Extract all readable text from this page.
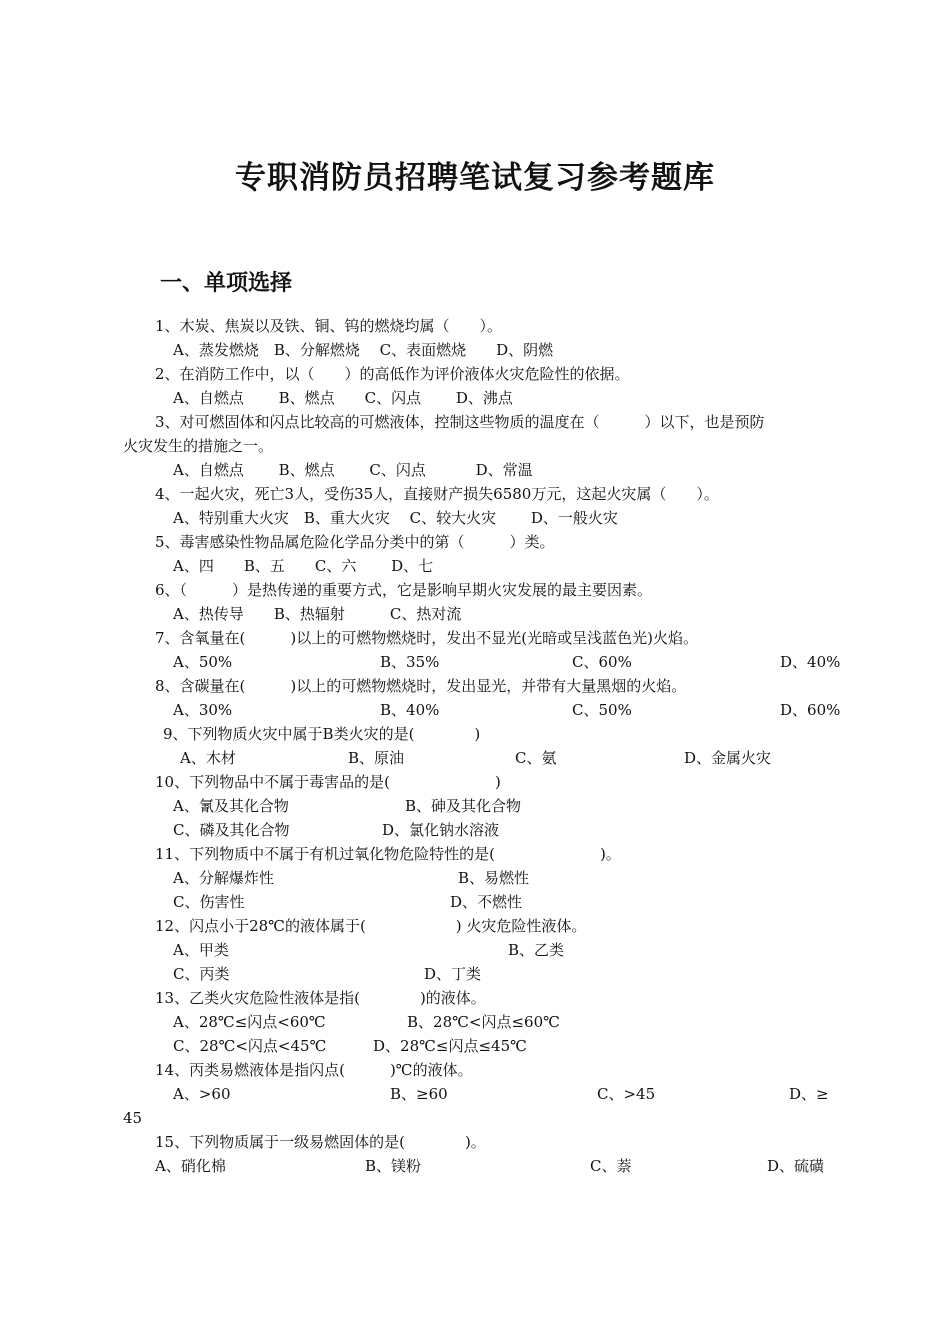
专职消防员招聘笔试复习参考题库
一、单项选择
1、木炭、焦炭以及铁、铜、钨的燃烧均属（　　）。
A、蒸发燃烧　B、分解燃烧　 C、表面燃烧　　D、阴燃
2、在消防工作中，以（　　）的高低作为评价液体火灾危险性的依据。
A、自燃点　　 B、燃点　　C、闪点　　 D、沸点
3、对可燃固体和闪点比较高的可燃液体，控制这些物质的温度在（　　　）以下，也是预防
火灾发生的措施之一。
A、自燃点　　 B、燃点　　 C、闪点　　　 D、常温
4、一起火灾，死亡3人，受伤35人，直接财产损失6580万元，这起火灾属（　　）。
A、特别重大火灾　B、重大火灾　 C、较大火灾　　 D、一般火灾
5、毒害感染性物品属危险化学品分类中的第（　　　）类。
A、四　　B、五　　C、六　　 D、七
6、（　　　）是热传递的重要方式，它是影响早期火灾发展的最主要因素。
A、热传导　　B、热辐射　　　C、热对流
7、含氧量在(　　　)以上的可燃物燃烧时，发出不显光(光暗或呈浅蓝色光)火焰。
A、50%	B、35%	C、60%	D、40%
8、含碳量在(　　　)以上的可燃物燃烧时，发出显光，并带有大量黑烟的火焰。
A、30%	B、40%	C、50%	D、60%
9、下列物质火灾中属于B类火灾的是(　　　　)
A、木材	B、原油	C、氨	D、金属火灾
10、下列物品中不属于毒害品的是(　　　　　　　)
A、氰及其化合物	B、砷及其化合物
C、磷及其化合物	D、氯化钠水溶液
11、下列物质中不属于有机过氧化物危险特性的是(　　　　　　　)。
A、分解爆炸性	B、易燃性
C、伤害性	D、不燃性
12、闪点小于28℃的液体属于(　　　　　　) 火灾危险性液体。
A、甲类	B、乙类
C、丙类	D、丁类
13、乙类火灾危险性液体是指(　　　　)的液体。
A、28℃≤闪点<60℃	B、28℃<闪点≤60℃
C、28℃<闪点<45℃	D、28℃≤闪点≤45℃
14、丙类易燃液体是指闪点(　　　)℃的液体。
A、>60	B、≥60	C、>45	D、≥
45
15、下列物质属于一级易燃固体的是(　　　　)。
A、硝化棉	B、镁粉	C、萘	D、硫磺
